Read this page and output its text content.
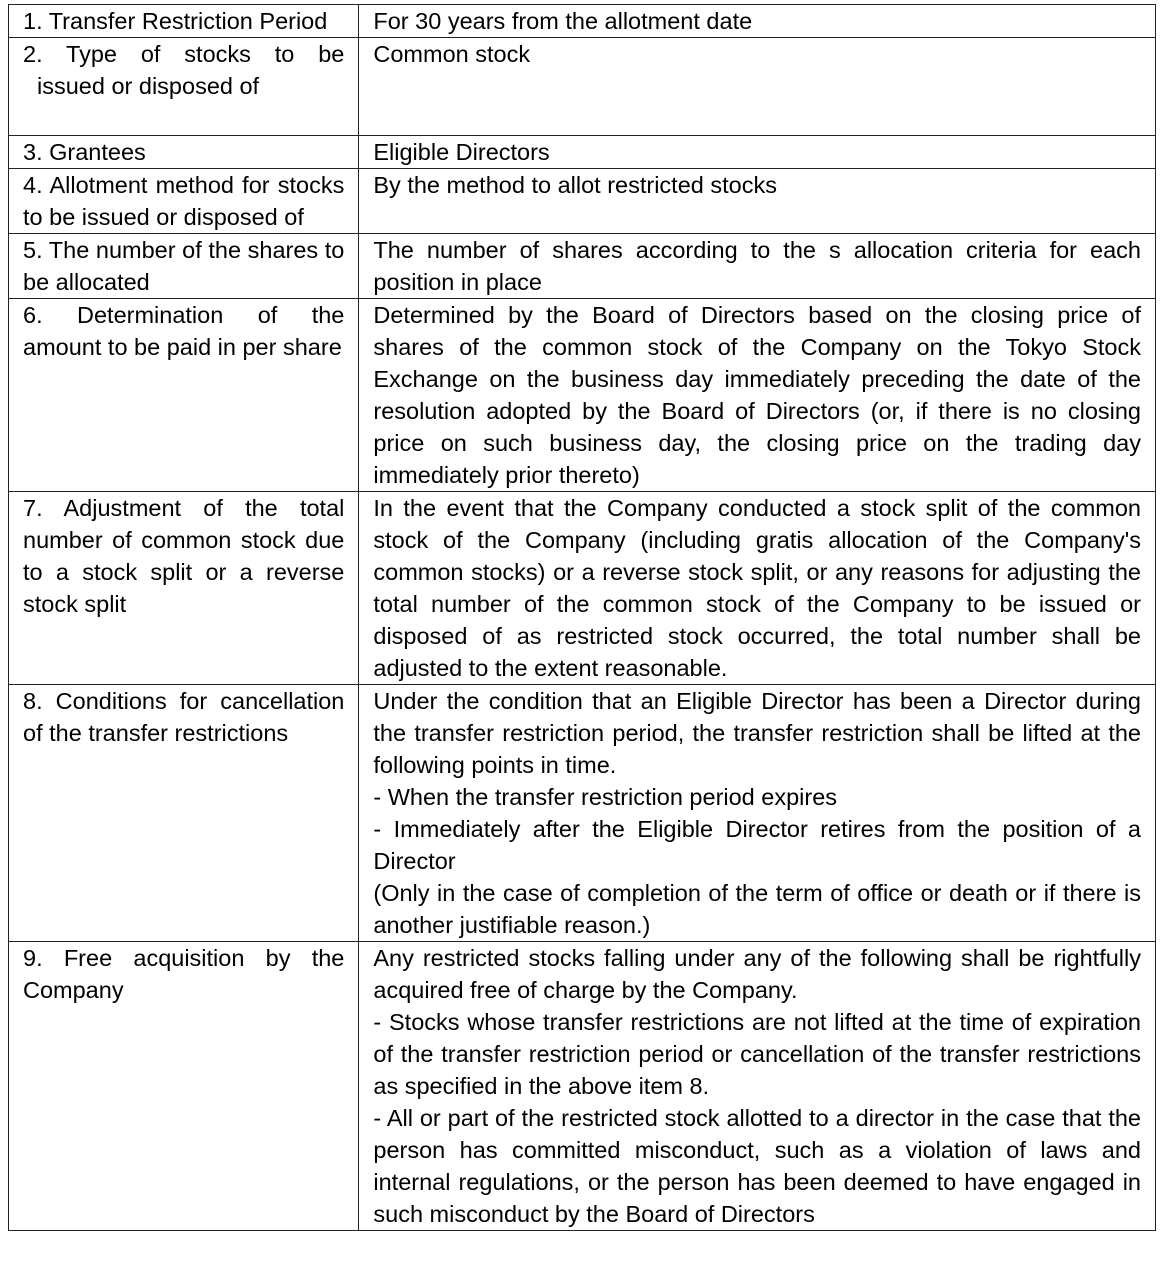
1. Transfer Restriction Period	For 30 years from the allotment date

2. Type of stocks to be
issued or disposed of	Common stock

3. Grantees	Eligible Directors

4. Allotment method for stocks to be issued or disposed of	By the method to allot restricted stocks

5. The number of the shares to be allocated	The number of shares according to the s allocation criteria for each position in place

6. Determination of the amount to be paid in per share	Determined by the Board of Directors based on the closing price of shares of the common stock of the Company on the Tokyo Stock Exchange on the business day immediately preceding the date of the resolution adopted by the Board of Directors (or, if there is no closing price on such business day, the closing price on the trading day immediately prior thereto)

7. Adjustment of the total number of common stock due to a stock split or a reverse stock split	In the event that the Company conducted a stock split of the common stock of the Company (including gratis allocation of the Company's common stocks) or a reverse stock split, or any reasons for adjusting the total number of the common stock of the Company to be issued or disposed of as restricted stock occurred, the total number shall be adjusted to the extent reasonable.

8. Conditions for cancellation of the transfer restrictions	Under the condition that an Eligible Director has been a Director during the transfer restriction period, the transfer restriction shall be lifted at the following points in time.
- When the transfer restriction period expires
- Immediately after the Eligible Director retires from the position of a Director
(Only in the case of completion of the term of office or death or if there is another justifiable reason.)

9. Free acquisition by the Company	Any restricted stocks falling under any of the following shall be rightfully acquired free of charge by the Company.
- Stocks whose transfer restrictions are not lifted at the time of expiration of the transfer restriction period or cancellation of the transfer restrictions as specified in the above item 8.
- All or part of the restricted stock allotted to a director in the case that the person has committed misconduct, such as a violation of laws and internal regulations, or the person has been deemed to have engaged in such misconduct by the Board of Directors
